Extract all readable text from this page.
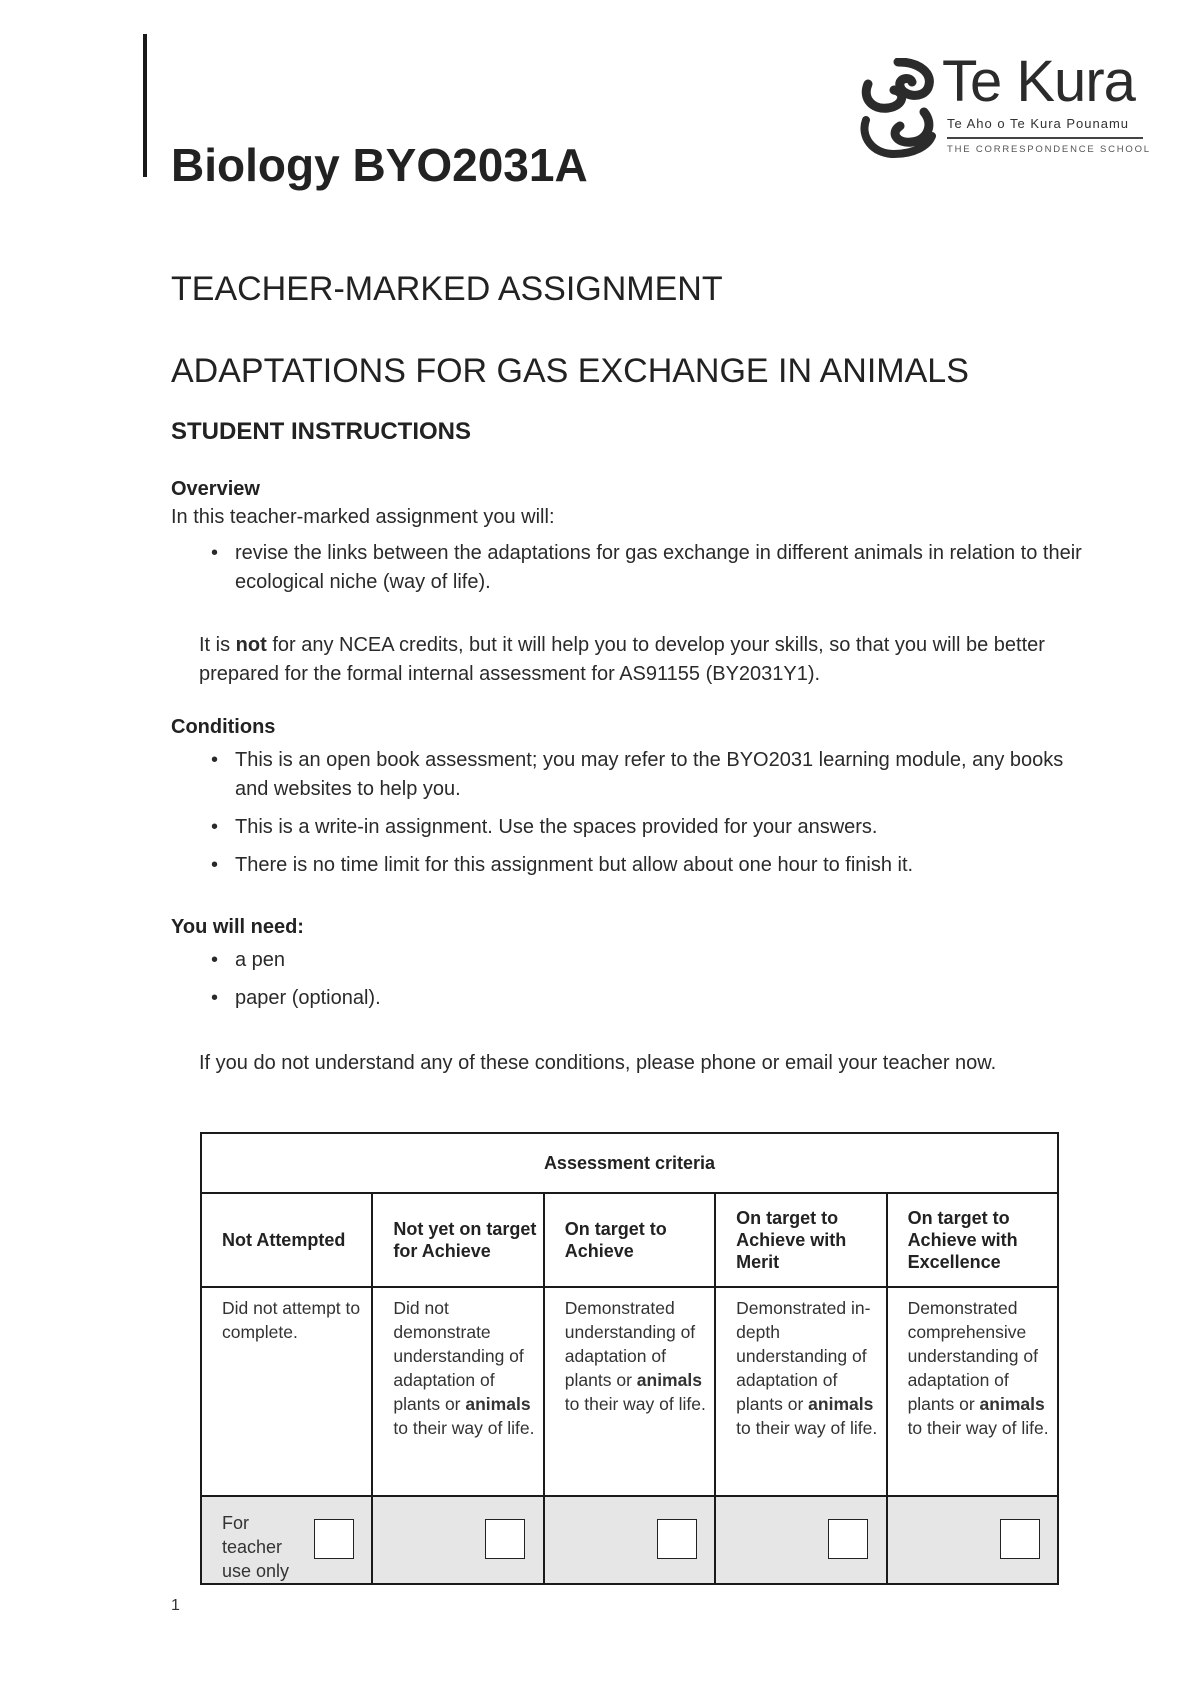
Te Kura
Te Aho o Te Kura Pounamu
THE CORRESPONDENCE SCHOOL
Biology BYO2031A
TEACHER-MARKED ASSIGNMENT
ADAPTATIONS FOR GAS EXCHANGE IN ANIMALS
STUDENT INSTRUCTIONS
Overview

In this teacher-marked assignment you will:

• revise the links between the adaptations for gas exchange in different animals in relation to their ecological niche (way of life).

It is not for any NCEA credits, but it will help you to develop your skills, so that you will be better prepared for the formal internal assessment for AS91155 (BY2031Y1).

Conditions
• This is an open book assessment; you may refer to the BYO2031 learning module, any books and websites to help you.
• This is a write-in assignment. Use the spaces provided for your answers.
• There is no time limit for this assignment but allow about one hour to finish it.
You will need:
• a pen
• paper (optional).

If you do not understand any of these conditions, please phone or email your teacher now.

Assessment criteria				
Not Attempted	Not yet on target for Achieve	On target to Achieve	On target to Achieve with Merit	On target to Achieve with Excellence
Did not attempt to complete.	Did not demonstrate understanding of adaptation of plants or animals to their way of life.	Demonstrated understanding of adaptation of plants or animals to their way of life.	Demonstrated in-depth understanding of adaptation of plants or animals to their way of life.	Demonstrated comprehensive understanding of adaptation of plants or animals to their way of life.

For teacher use only				

1
